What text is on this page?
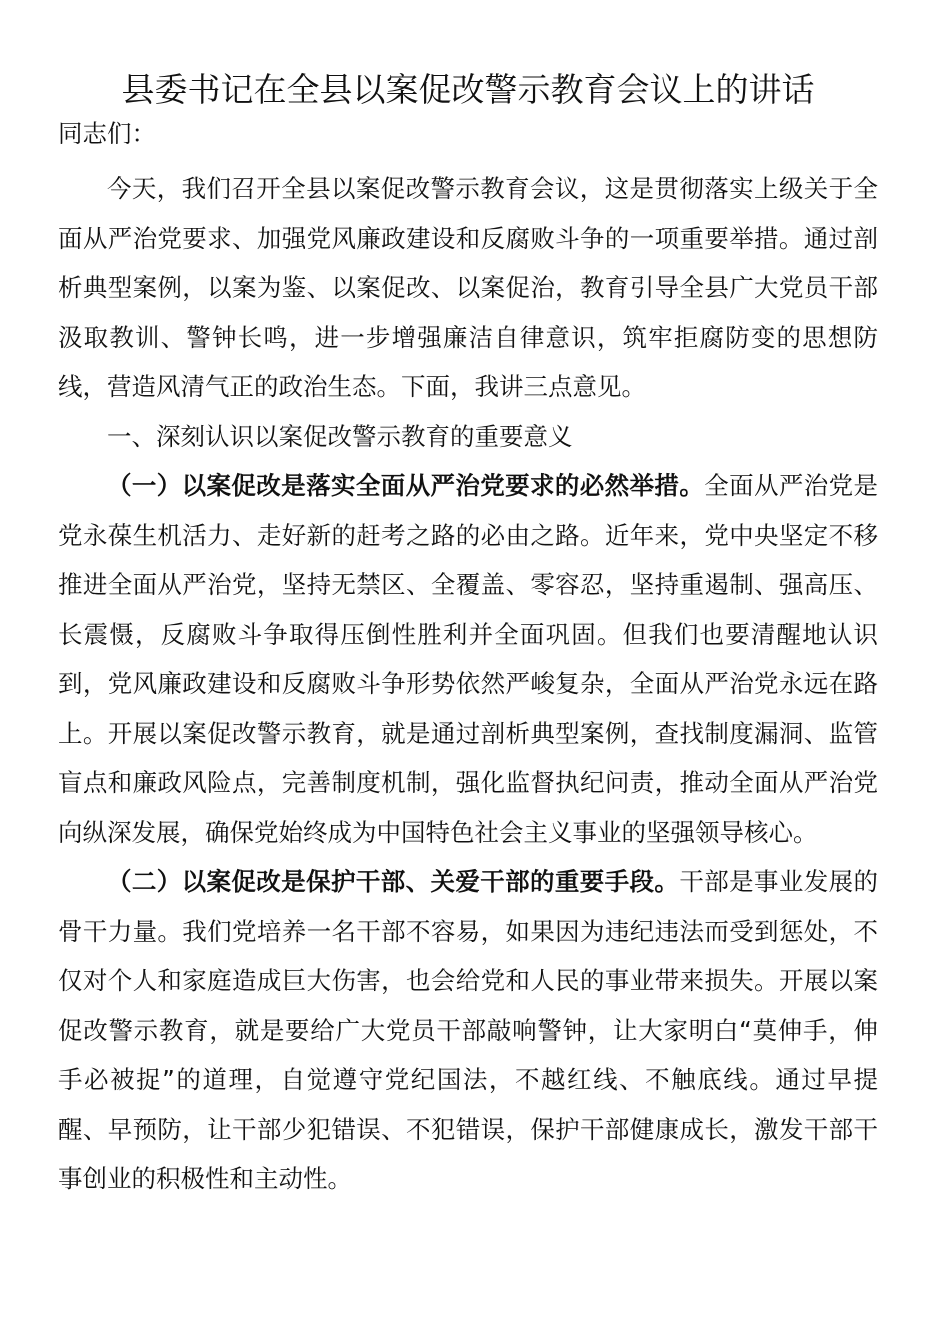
县委书记在全县以案促改警示教育会议上的讲话

同志们：

今天，我们召开全县以案促改警示教育会议，这是贯彻落实上级关于全面从严治党要求、加强党风廉政建设和反腐败斗争的一项重要举措。通过剖析典型案例，以案为鉴、以案促改、以案促治，教育引导全县广大党员干部汲取教训、警钟长鸣，进一步增强廉洁自律意识，筑牢拒腐防变的思想防线，营造风清气正的政治生态。下面，我讲三点意见。

一、深刻认识以案促改警示教育的重要意义

（一）以案促改是落实全面从严治党要求的必然举措。全面从严治党是党永葆生机活力、走好新的赶考之路的必由之路。近年来，党中央坚定不移推进全面从严治党，坚持无禁区、全覆盖、零容忍，坚持重遏制、强高压、长震慑，反腐败斗争取得压倒性胜利并全面巩固。但我们也要清醒地认识到，党风廉政建设和反腐败斗争形势依然严峻复杂，全面从严治党永远在路上。开展以案促改警示教育，就是通过剖析典型案例，查找制度漏洞、监管盲点和廉政风险点，完善制度机制，强化监督执纪问责，推动全面从严治党向纵深发展，确保党始终成为中国特色社会主义事业的坚强领导核心。

（二）以案促改是保护干部、关爱干部的重要手段。干部是事业发展的骨干力量。我们党培养一名干部不容易，如果因为违纪违法而受到惩处，不仅对个人和家庭造成巨大伤害，也会给党和人民的事业带来损失。开展以案促改警示教育，就是要给广大党员干部敲响警钟，让大家明白“莫伸手，伸手必被捉”的道理，自觉遵守党纪国法，不越红线、不触底线。通过早提醒、早预防，让干部少犯错误、不犯错误，保护干部健康成长，激发干部干事创业的积极性和主动性。
